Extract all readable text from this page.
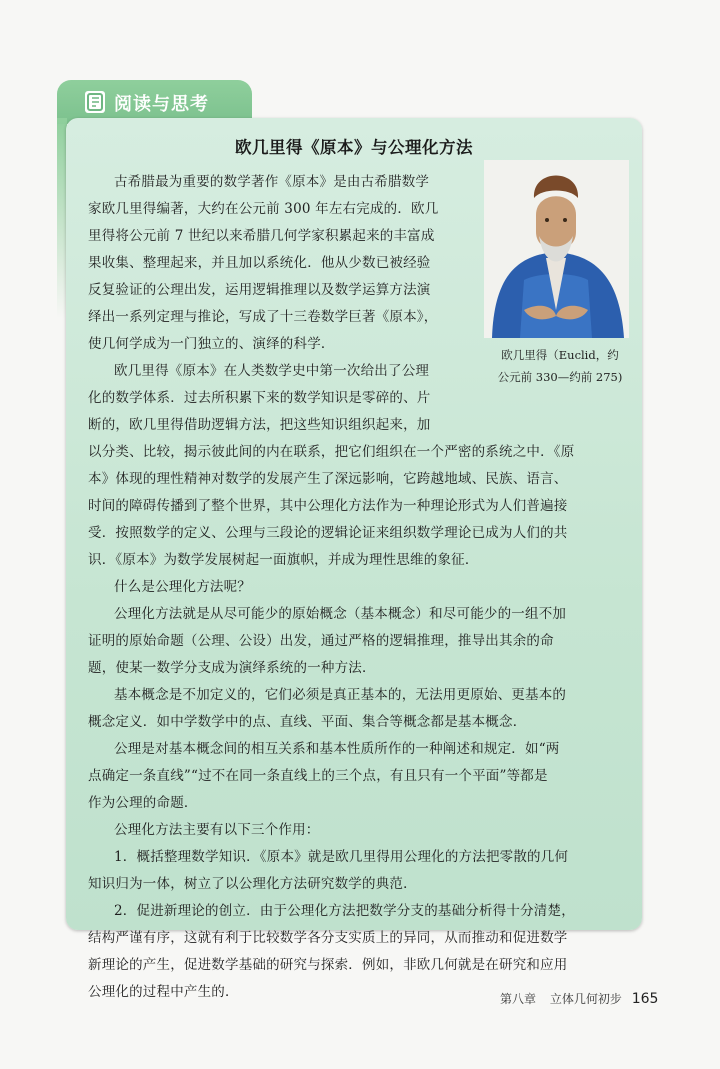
阅读与思考
欧几里得《原本》与公理化方法
欧几里得（Euclid，约
公元前 330—约前 275)
古希腊最为重要的数学著作《原本》是由古希腊数学
家欧几里得编著，大约在公元前 300 年左右完成的．欧几
里得将公元前 7 世纪以来希腊几何学家积累起来的丰富成
果收集、整理起来，并且加以系统化．他从少数已被经验
反复验证的公理出发，运用逻辑推理以及数学运算方法演
绎出一系列定理与推论，写成了十三卷数学巨著《原本》，
使几何学成为一门独立的、演绎的科学．
欧几里得《原本》在人类数学史中第一次给出了公理
化的数学体系．过去所积累下来的数学知识是零碎的、片
断的，欧几里得借助逻辑方法，把这些知识组织起来，加
以分类、比较，揭示彼此间的内在联系，把它们组织在一个严密的系统之中．《原
本》体现的理性精神对数学的发展产生了深远影响，它跨越地域、民族、语言、
时间的障碍传播到了整个世界，其中公理化方法作为一种理论形式为人们普遍接
受．按照数学的定义、公理与三段论的逻辑论证来组织数学理论已成为人们的共
识．《原本》为数学发展树起一面旗帜，并成为理性思维的象征．
什么是公理化方法呢？
公理化方法就是从尽可能少的原始概念（基本概念）和尽可能少的一组不加
证明的原始命题（公理、公设）出发，通过严格的逻辑推理，推导出其余的命
题，使某一数学分支成为演绎系统的一种方法．
基本概念是不加定义的，它们必须是真正基本的，无法用更原始、更基本的
概念定义．如中学数学中的点、直线、平面、集合等概念都是基本概念．
公理是对基本概念间的相互关系和基本性质所作的一种阐述和规定．如“两
点确定一条直线”“过不在同一条直线上的三个点，有且只有一个平面”等都是
作为公理的命题．
公理化方法主要有以下三个作用：
1．概括整理数学知识．《原本》就是欧几里得用公理化的方法把零散的几何
知识归为一体，树立了以公理化方法研究数学的典范．
2．促进新理论的创立．由于公理化方法把数学分支的基础分析得十分清楚，
结构严谨有序，这就有利于比较数学各分支实质上的异同，从而推动和促进数学
新理论的产生，促进数学基础的研究与探索．例如，非欧几何就是在研究和应用
公理化的过程中产生的．	第八章 立体几何初步 165
